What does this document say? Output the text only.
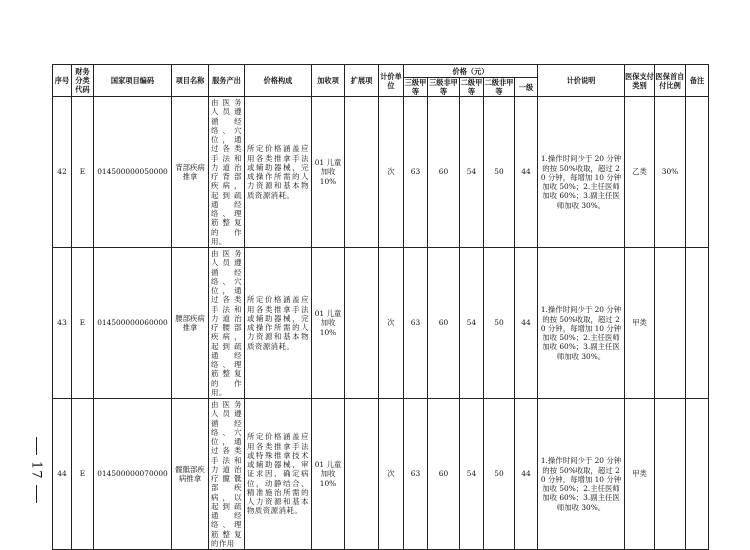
17
序号	财务分类代码	国家项目编码	项目名称	服务产出	价格构成	加收项	扩展项	计价单位	价格（元）					计价说明	医保支付类别	医保首自付比例	备注
									三级甲等	三级非甲等	二级甲等	二级非甲等	一级				
42	E	014500000050000	背部疾病推拿	由医务人员遵循经络、穴位，通过各类手法和力道治疗背部疾病，起到疏通经络、理筋整复的作用。	所定价格涵盖应用各类推拿手法或辅助器械，完成操作所需的人力资源和基本物质资源消耗。	01 儿童加收 10%		次	63	60	54	50	44	1.操作时间少于 20 分钟的按 50%收取，超过 20 分钟，每增加 10 分钟加收 50%；2.主任医师加收 60%；3.副主任医师加收 30%。	乙类	30%	
43	E	014500000060000	腰部疾病推拿	由医务人员遵循经络、穴位，通过各类手法和力道治疗腰部疾病，起到疏通经络、理筋整复的作用。	所定价格涵盖应用各类推拿手法或辅助器械，完成操作所需的人力资源和基本物质资源消耗。	01 儿童加收 10%		次	63	60	54	50	44	1.操作时间少于 20 分钟的按 50%收取，超过 20 分钟，每增加 10 分钟加收 50%；2.主任医师加收 60%；3.副主任医师加收 30%。	甲类		
44	E	014500000070000	髋骶部疾病推拿	由医务人员遵循经络、穴位，通过各类手法和力道治疗髋骶部疾病，以起到疏通经络、理筋整复的作用	所定价格涵盖应用各类推拿手法或特殊推拿技术或辅助器械，审证求因、确定病位，动静结合、精准施治所需的人力资源和基本物质资源消耗。	01 儿童加收 10%		次	63	60	54	50	44	1.操作时间少于 20 分钟的按 50%收取，超过 20 分钟，每增加 10 分钟加收 50%；2.主任医师加收 60%；3.副主任医师加收 30%。	甲类		
